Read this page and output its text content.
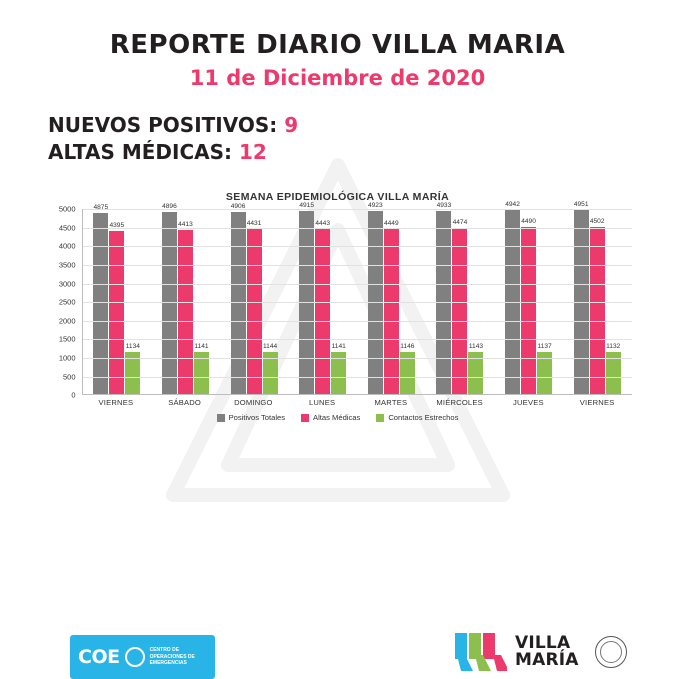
REPORTE DIARIO VILLA MARIA
11 de Diciembre de 2020
NUEVOS POSITIVOS: 9
ALTAS MÉDICAS: 12
SEMANA EPIDEMIOLÓGICA VILLA MARÍA
0
500
1000
1500
2000
2500
3000
3500
4000
4500
5000	4875
4395
1134
4896
4413
1141
4906
4431
1144
4915
4443
1141
4923
4449
1146
4933
4474
1143
4942
4490
1137
4951
4502
1132
VIERNES	SÁBADO	DOMINGO	LUNES	MARTES	MIÉRCOLES	JUEVES	VIERNES
Positivos Totales	Altas Médicas	Contactos Estrechos
COE	CENTRO DE
OPERACIONES DE
EMERGENCIAS
VILLA
MARÍA
